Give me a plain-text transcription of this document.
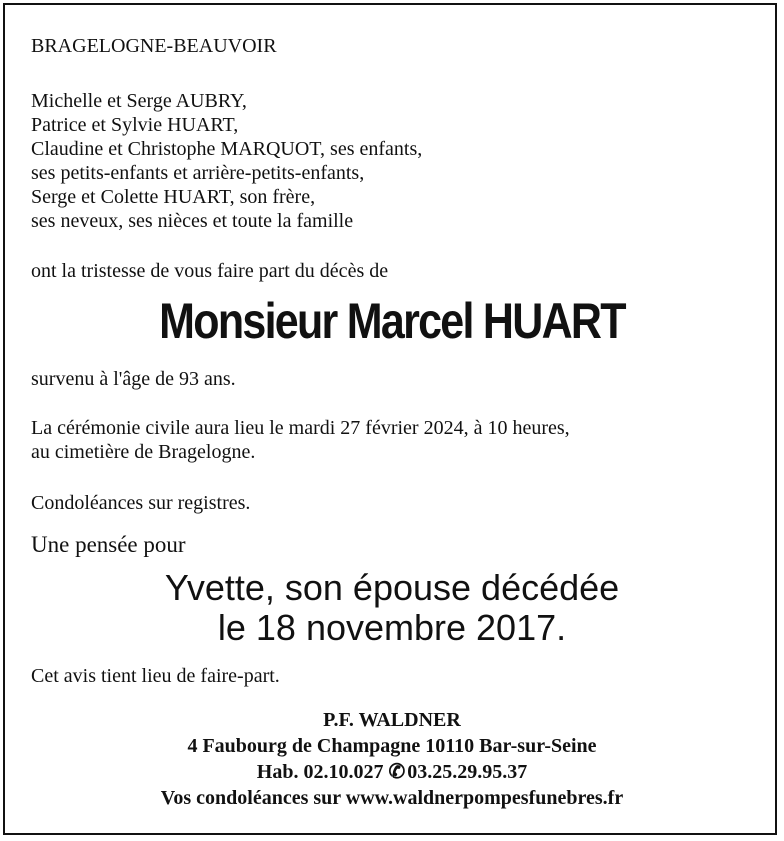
BRAGELOGNE-BEAUVOIR
Michelle et Serge AUBRY,
Patrice et Sylvie HUART,
Claudine et Christophe MARQUOT, ses enfants,
ses petits-enfants et arrière-petits-enfants,
Serge et Colette HUART, son frère,
ses neveux, ses nièces et toute la famille
ont la tristesse de vous faire part du décès de
Monsieur Marcel HUART
survenu à l'âge de 93 ans.
La cérémonie civile aura lieu le mardi 27 février 2024, à 10 heures,
au cimetière de Bragelogne.
Condoléances sur registres.
Une pensée pour
Yvette, son épouse décédée
le 18 novembre 2017.
Cet avis tient lieu de faire-part.
P.F. WALDNER
4 Faubourg de Champagne 10110 Bar-sur-Seine
Hab. 02.10.027 ✆ 03.25.29.95.37
Vos condoléances sur www.waldnerpompesfunebres.fr
